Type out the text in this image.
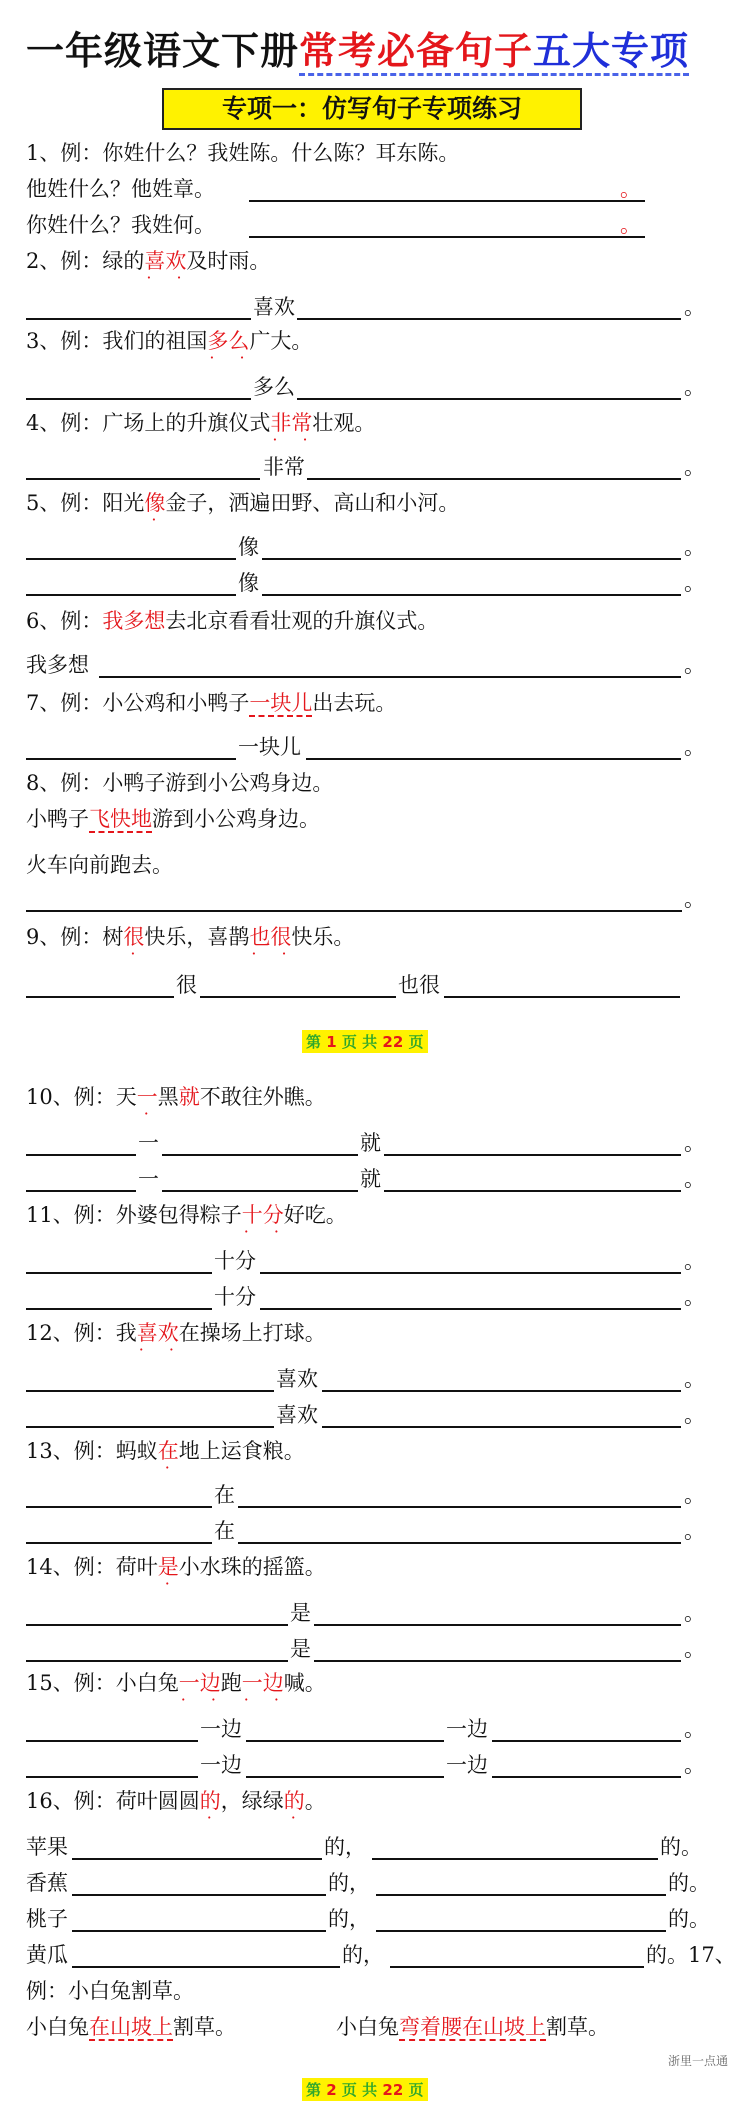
一年级语文下册常考必备句子五大专项
专项一：仿写句子专项练习
1、例：你姓什么？我姓陈。什么陈？耳东陈。
他姓什么？他姓章。	。
你姓什么？我姓何。	。
2、例：绿的喜欢 · ·及时雨。
喜欢	。
3、例：我们的祖国多么 · ·广大。
多么	。
4、例：广场上的升旗仪式非常 · ·壮观。
非常	。
5、例：阳光像金子，洒遍田野、高山和小河。
像	。
像	。
6、例：我多想去北京看看壮观的升旗仪式。
我多想	。
7、例：小公鸡和小鸭子一块儿出去玩。
一块儿	。
8、例：小鸭子游到小公鸡身边。
小鸭子飞快地游到小公鸡身边。
火车向前跑去。
。
9、例：树很快乐，喜鹊也很 · ·快乐。
很	也很
第 1 页 共 22 页
10、例：天一黑就不敢往外瞧。
一	就	。
一	就	。
11、例：外婆包得粽子十分 · ·好吃。
十分	。
十分	。
12、例：我喜欢 · ·在操场上打球。
喜欢	。
喜欢	。
13、例：蚂蚁在地上运食粮。
在	。
在	。
14、例：荷叶是小水珠的摇篮。
是	。
是	。
15、例：小白兔一边 · ·跑一边 · ·喊。
一边	一边	。
一边	一边	。
16、例：荷叶圆圆的，绿绿的。
苹果	的，	的。
香蕉	的，	的。
桃子	的，	的。
黄瓜	的，	的。17、
例：小白兔割草。
小白兔在山坡上割草。	小白兔弯着腰在山坡上割草。
第 2 页 共 22 页
浙里一点通
